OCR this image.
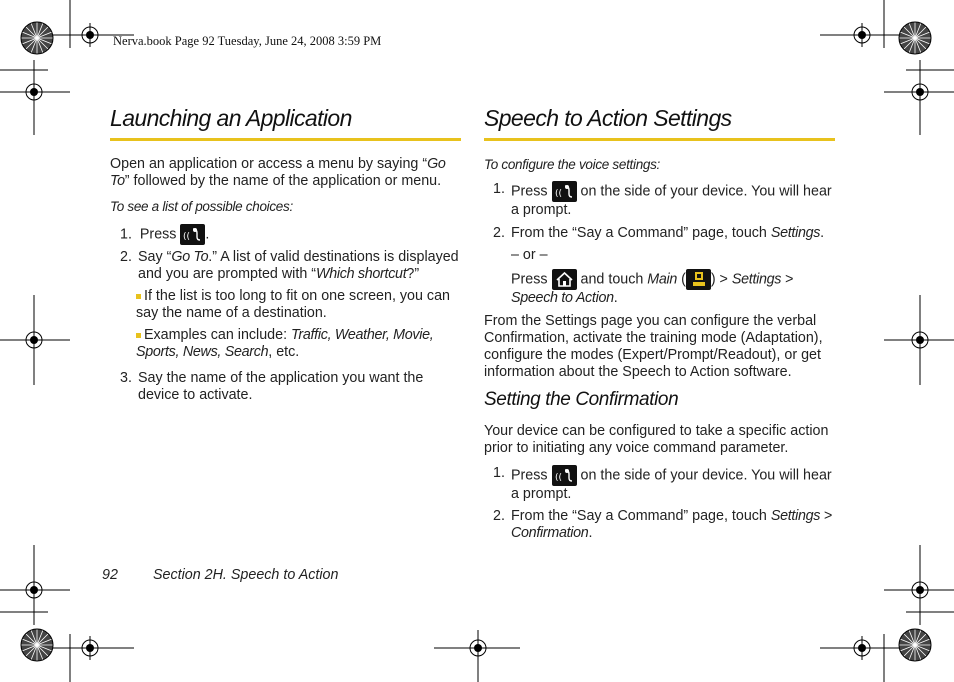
Nerva.book Page 92 Tuesday, June 24, 2008 3:59 PM
Launching an Application
Open an application or access a menu by saying “Go To” followed by the name of the application or menu.
To see a list of possible choices:
1. Press (( .
2. Say “Go To.” A list of valid destinations is displayed and you are prompted with “Which shortcut?”
If the list is too long to fit on one screen, you can say the name of a destination.
Examples can include: Traffic, Weather, Movie, Sports, News, Search, etc.
3. Say the name of the application you want the device to activate.
Speech to Action Settings
To configure the voice settings:
1. Press (( on the side of your device. You will hear a prompt.
2. From the “Say a Command” page, touch Settings.
– or –
Press and touch Main ( ) > Settings > Speech to Action.
From the Settings page you can configure the verbal Confirmation, activate the training mode (Adaptation), configure the modes (Expert/Prompt/Readout), or get information about the Speech to Action software.
Setting the Confirmation
Your device can be configured to take a specific action prior to initiating any voice command parameter.
1. Press (( on the side of your device. You will hear a prompt.
2. From the “Say a Command” page, touch Settings > Confirmation.
92 Section 2H. Speech to Action
